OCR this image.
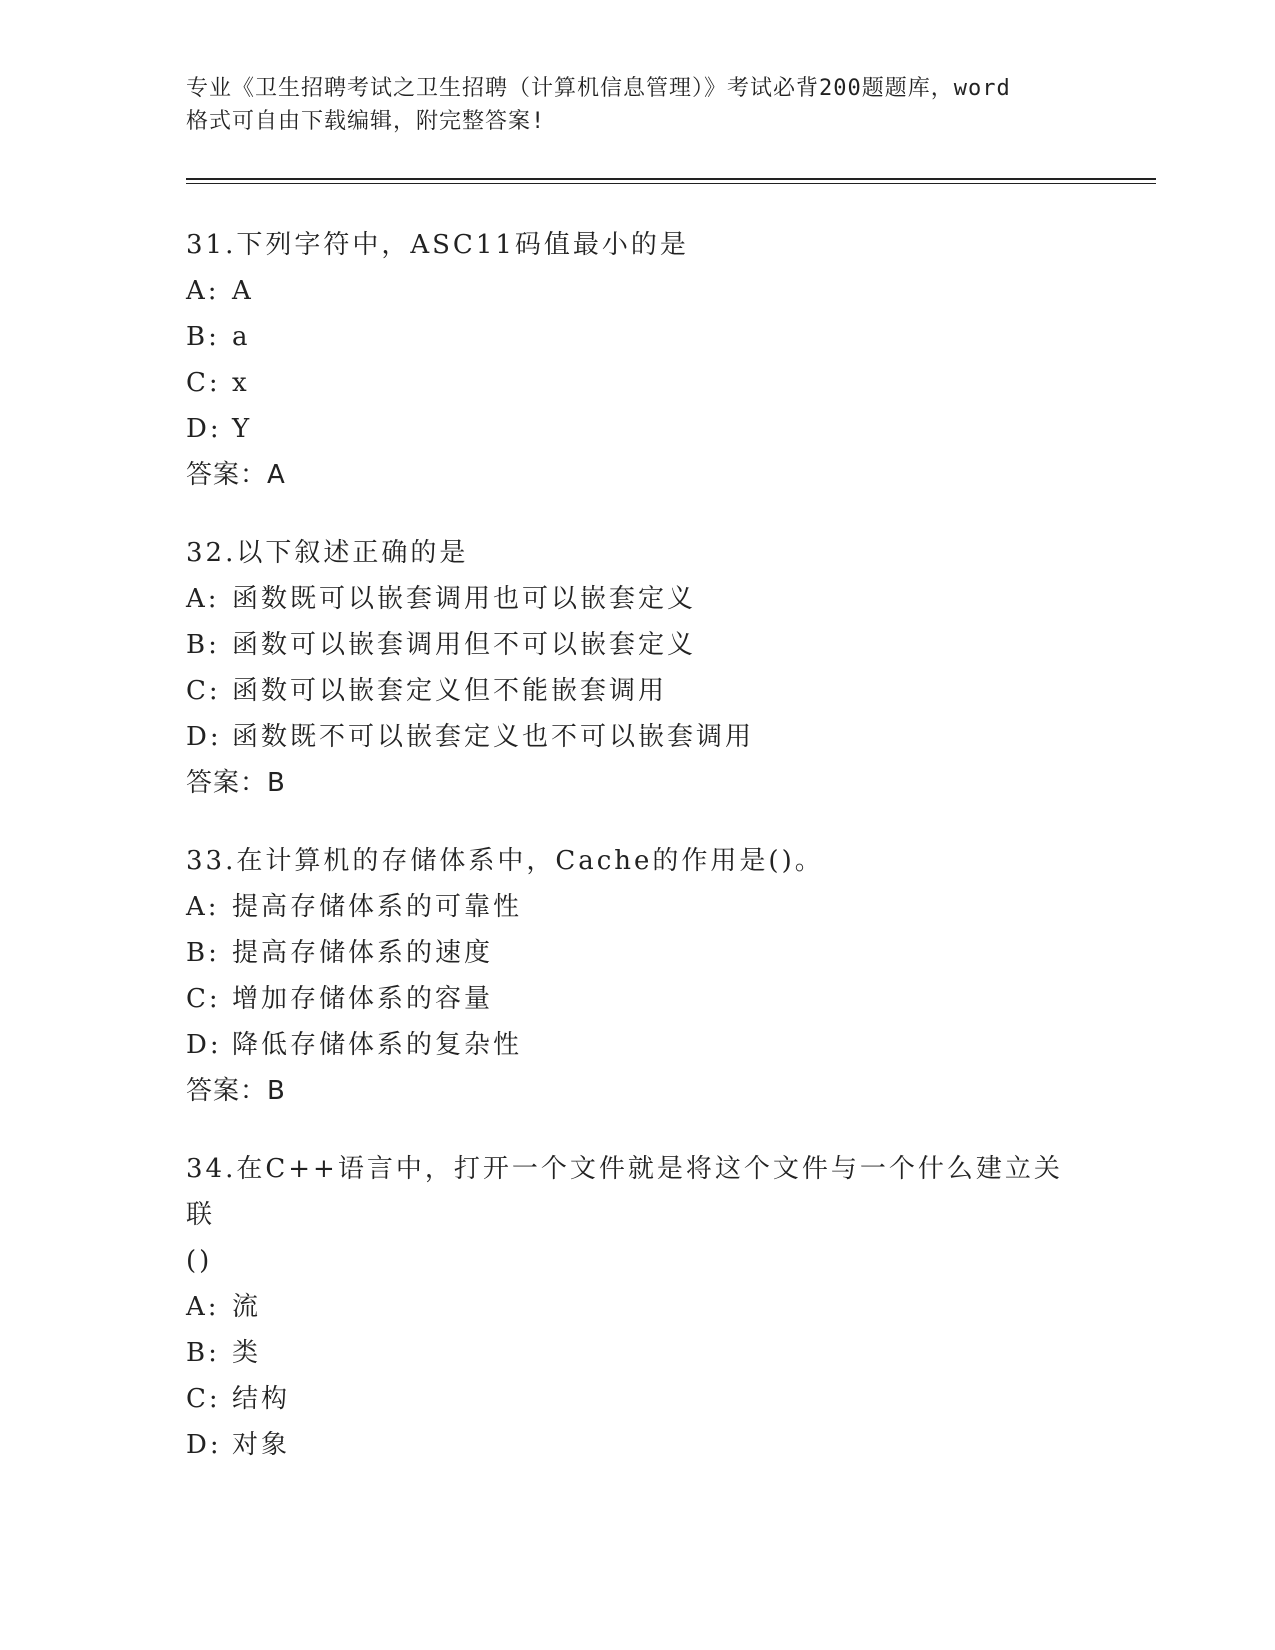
专业《卫生招聘考试之卫生招聘（计算机信息管理）》考试必背200题题库，word
格式可自由下载编辑，附完整答案!

31.下列字符中，ASC11码值最小的是

A: A

B: a

C: x

D: Y

答案：A

32.以下叙述正确的是

A: 函数既可以嵌套调用也可以嵌套定义

B: 函数可以嵌套调用但不可以嵌套定义

C: 函数可以嵌套定义但不能嵌套调用

D: 函数既不可以嵌套定义也不可以嵌套调用

答案：B

33.在计算机的存储体系中，Cache的作用是()。

A: 提高存储体系的可靠性

B: 提高存储体系的速度

C: 增加存储体系的容量

D: 降低存储体系的复杂性

答案：B

34.在C++语言中，打开一个文件就是将这个文件与一个什么建立关联

()

A: 流

B: 类

C: 结构

D: 对象
